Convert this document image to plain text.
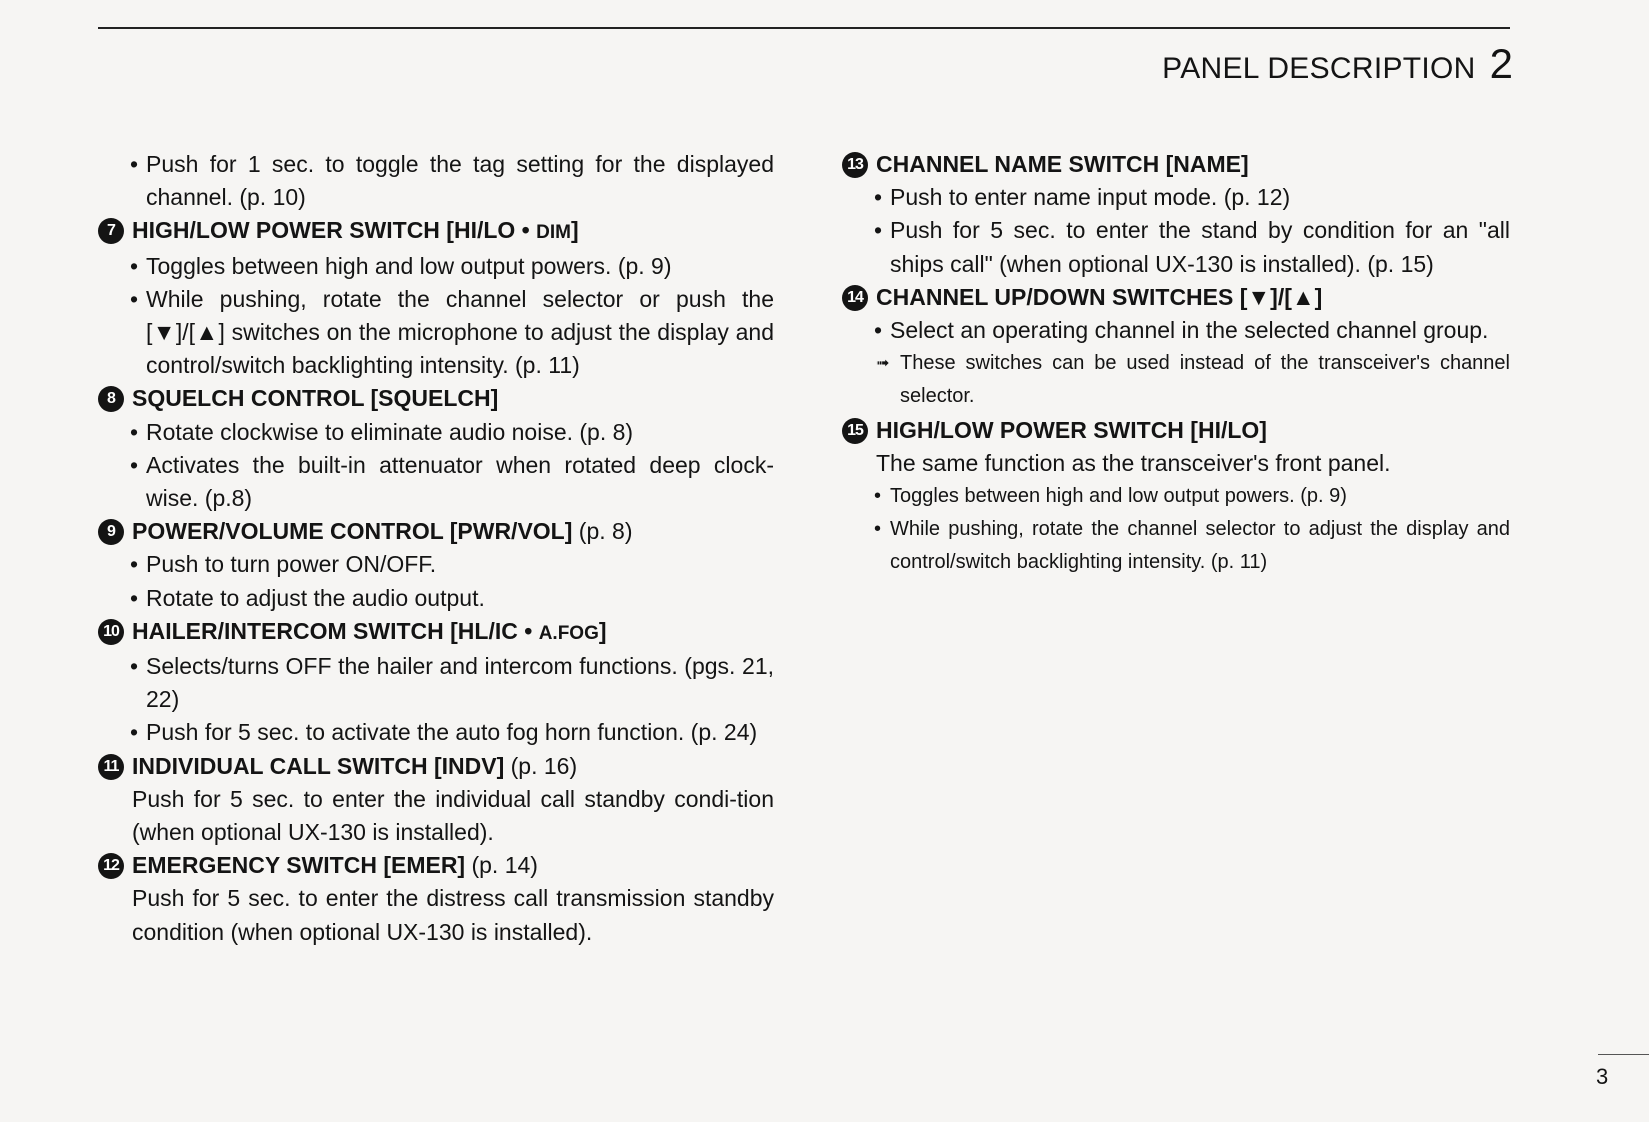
PANEL DESCRIPTION 2
• Push for 1 sec. to toggle the tag setting for the displayed channel. (p. 10)
7 HIGH/LOW POWER SWITCH [HI/LO • DIM]
• Toggles between high and low output powers. (p. 9)
• While pushing, rotate the channel selector or push the [▼]/[▲] switches on the microphone to adjust the display and control/switch backlighting intensity. (p. 11)
8 SQUELCH CONTROL [SQUELCH]
• Rotate clockwise to eliminate audio noise. (p. 8)
• Activates the built-in attenuator when rotated deep clock-wise. (p.8)
9 POWER/VOLUME CONTROL [PWR/VOL] (p. 8)
• Push to turn power ON/OFF.
• Rotate to adjust the audio output.
10 HAILER/INTERCOM SWITCH [HL/IC • A.FOG]
• Selects/turns OFF the hailer and intercom functions. (pgs. 21, 22)
• Push for 5 sec. to activate the auto fog horn function. (p. 24)
11 INDIVIDUAL CALL SWITCH [INDV] (p. 16)
Push for 5 sec. to enter the individual call standby condi-tion (when optional UX-130 is installed).
12 EMERGENCY SWITCH [EMER] (p. 14)
Push for 5 sec. to enter the distress call transmission standby condition (when optional UX-130 is installed).
13 CHANNEL NAME SWITCH [NAME]
• Push to enter name input mode. (p. 12)
• Push for 5 sec. to enter the stand by condition for an "all ships call" (when optional UX-130 is installed). (p. 15)
14 CHANNEL UP/DOWN SWITCHES [▼]/[▲]
• Select an operating channel in the selected channel group.
➟ These switches can be used instead of the transceiver's channel selector.
15 HIGH/LOW POWER SWITCH [HI/LO]
The same function as the transceiver's front panel.
• Toggles between high and low output powers. (p. 9)
• While pushing, rotate the channel selector to adjust the display and control/switch backlighting intensity. (p. 11)
3
